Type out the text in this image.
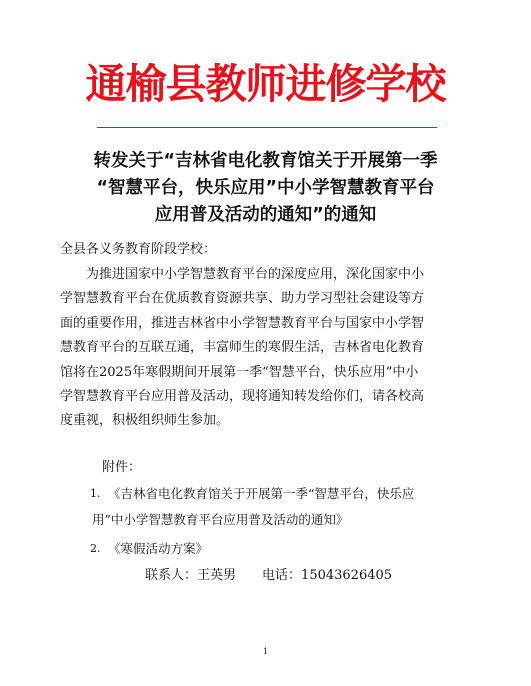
通榆县教师进修学校
转发关于“吉林省电化教育馆关于开展第一季
“智慧平台，快乐应用”中小学智慧教育平台
应用普及活动的通知”的通知
全县各义务教育阶段学校：
为推进国家中小学智慧教育平台的深度应用，深化国家中小
学智慧教育平台在优质教育资源共享、助力学习型社会建设等方
面的重要作用，推进吉林省中小学智慧教育平台与国家中小学智
慧教育平台的互联互通，丰富师生的寒假生活，吉林省电化教育
馆将在2025年寒假期间开展第一季“智慧平台，快乐应用”中小
学智慧教育平台应用普及活动，现将通知转发给你们，请各校高
度重视，积极组织师生参加。
附件：
1. 《吉林省电化教育馆关于开展第一季“智慧平台，快乐应
用”中小学智慧教育平台应用普及活动的通知》
2. 《寒假活动方案》
联系人：王英男 电话：15043626405
1
